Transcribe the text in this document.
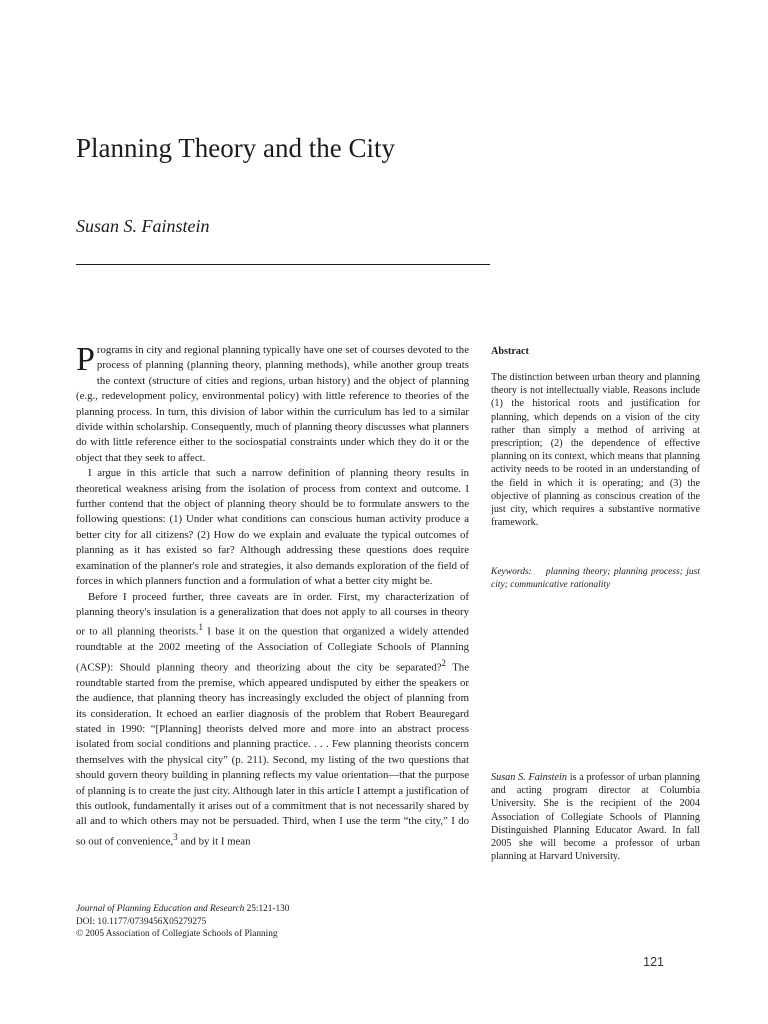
Planning Theory and the City
Susan S. Fainstein

Programs in city and regional planning typically have one set of courses devoted to the process of planning (planning theory, planning methods), while another group treats the context (structure of cities and regions, urban history) and the object of planning (e.g., redevelopment policy, environmental policy) with little reference to theories of the planning process. In turn, this division of labor within the curriculum has led to a similar divide within scholarship. Consequently, much of planning theory discusses what planners do with little reference either to the sociospatial constraints under which they do it or the object that they seek to affect.

I argue in this article that such a narrow definition of planning theory results in theoretical weakness arising from the isolation of process from context and outcome. I further contend that the object of planning theory should be to formulate answers to the following questions: (1) Under what conditions can conscious human activity produce a better city for all citizens? (2) How do we explain and evaluate the typical outcomes of planning as it has existed so far? Although addressing these questions does require examination of the planner's role and strategies, it also demands exploration of the field of forces in which planners function and a formulation of what a better city might be.

Before I proceed further, three caveats are in order. First, my characterization of planning theory's insulation is a generalization that does not apply to all courses in theory or to all planning theorists.$^1$ I base it on the question that organized a widely attended roundtable at the 2002 meeting of the Association of Collegiate Schools of Planning (ACSP): Should planning theory and theorizing about the city be separated?$^2$ The roundtable started from the premise, which appeared undisputed by either the speakers or the audience, that planning theory has increasingly excluded the object of planning from its consideration. It echoed an earlier diagnosis of the problem that Robert Beauregard stated in 1990: “[Planning] theorists delved more and more into an abstract process isolated from social conditions and planning practice. . . . Few planning theorists concern themselves with the physical city” (p. 211). Second, my listing of the two questions that should govern theory building in planning reflects my value orientation—that the purpose of planning is to create the just city. Although later in this article I attempt a justification of this outlook, fundamentally it arises out of a commitment that is not necessarily shared by all and to which others may not be persuaded. Third, when I use the term “the city,” I do so out of convenience,$^3$ and by it I mean

Abstract
The distinction between urban theory and planning theory is not intellectually viable. Reasons include (1) the historical roots and justification for planning, which depends on a vision of the city rather than simply a method of arriving at prescription; (2) the dependence of effective planning on its context, which means that planning activity needs to be rooted in an understanding of the field in which it is operating; and (3) the objective of planning as conscious creation of the just city, which requires a substantive normative framework.
Keywords: planning theory; planning process; just city; communicative rationality
Susan S. Fainstein is a professor of urban planning and acting program director at Columbia University. She is the recipient of the 2004 Association of Collegiate Schools of Planning Distinguished Planning Educator Award. In fall 2005 she will become a professor of urban planning at Harvard University.
Journal of Planning Education and Research 25:121-130
DOI: 10.1177/0739456X05279275
© 2005 Association of Collegiate Schools of Planning
121
